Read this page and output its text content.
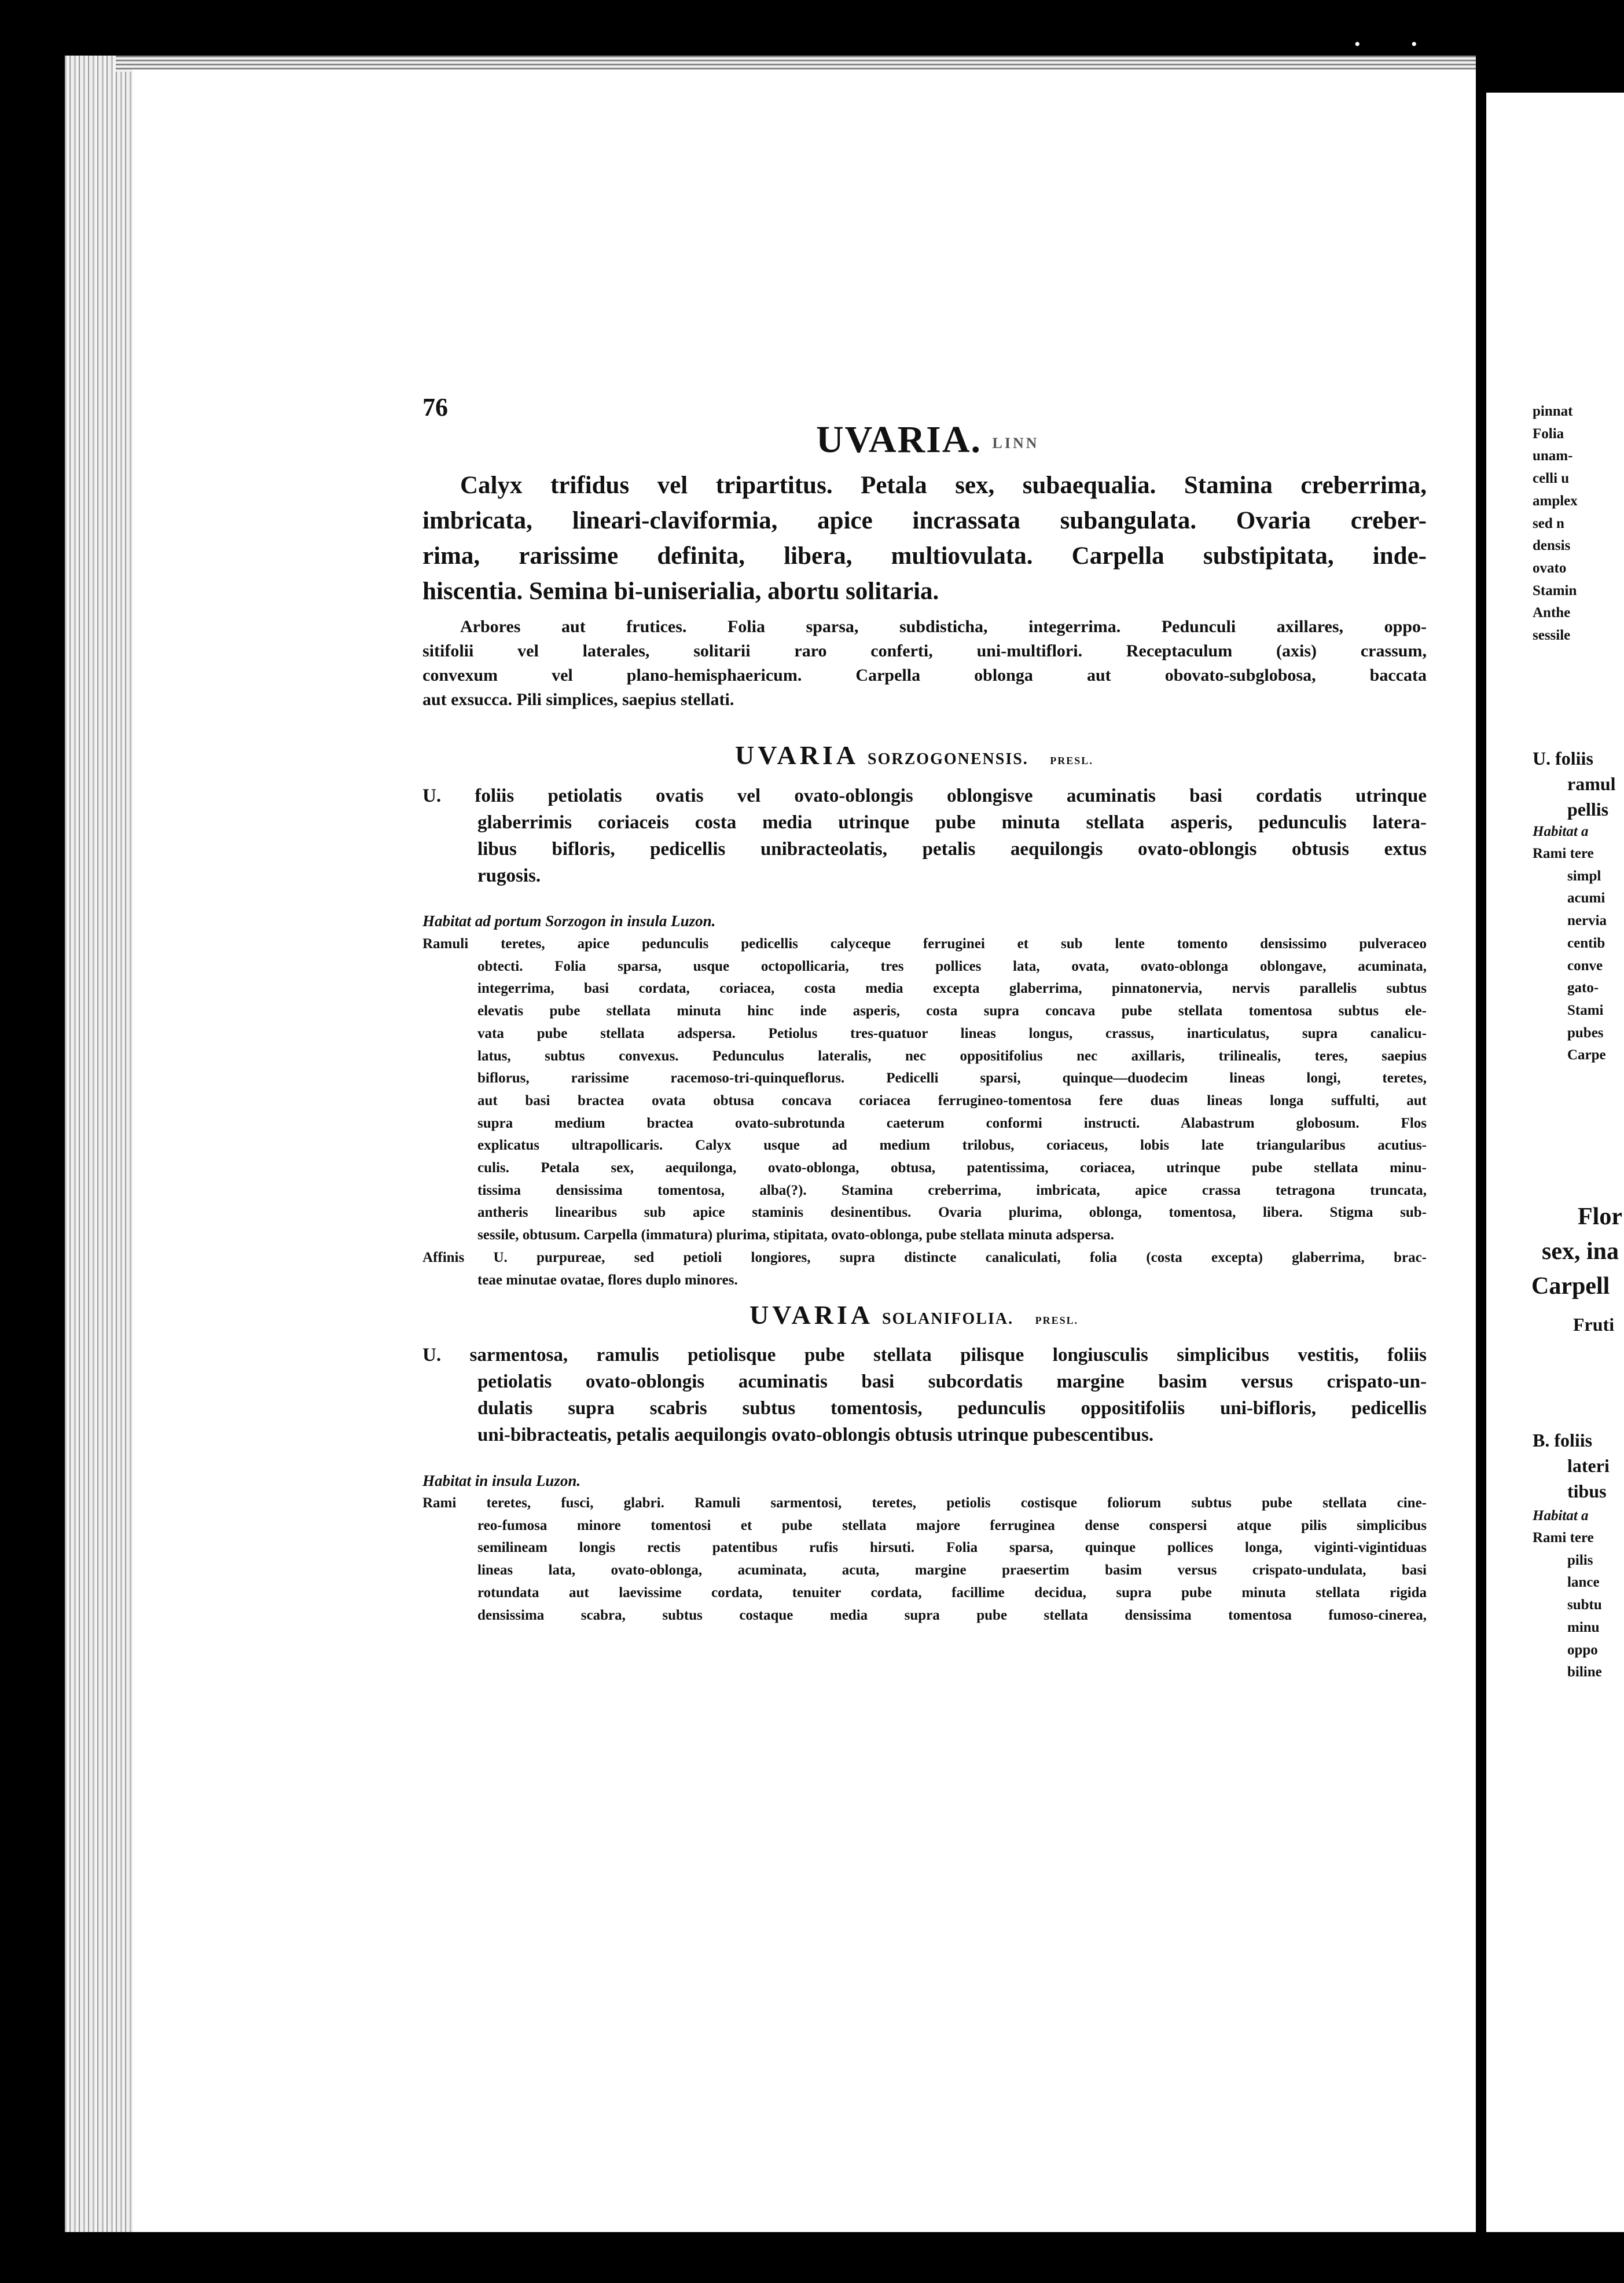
• •
76
UVARIA. LINN
Calyx trifidus vel tripartitus. Petala sex, subaequalia. Stamina creberrima,
imbricata, lineari-claviformia, apice incrassata subangulata. Ovaria creber-
rima, rarissime definita, libera, multiovulata. Carpella substipitata, inde-
hiscentia. Semina bi-uniserialia, abortu solitaria.
Arbores aut frutices. Folia sparsa, subdisticha, integerrima. Pedunculi axillares, oppo-
sitifolii vel laterales, solitarii raro conferti, uni-multiflori. Receptaculum (axis) crassum,
convexum vel plano-hemisphaericum. Carpella oblonga aut obovato-subglobosa, baccata
aut exsucca. Pili simplices, saepius stellati.
UVARIA SORZOGONENSIS. PRESL.
U. foliis petiolatis ovatis vel ovato-oblongis oblongisve acuminatis basi cordatis utrinque
glaberrimis coriaceis costa media utrinque pube minuta stellata asperis, pedunculis latera-
libus bifloris, pedicellis unibracteolatis, petalis aequilongis ovato-oblongis obtusis extus
rugosis.
Habitat ad portum Sorzogon in insula Luzon.
Ramuli teretes, apice pedunculis pedicellis calyceque ferruginei et sub lente tomento densissimo pulveraceo
obtecti. Folia sparsa, usque octopollicaria, tres pollices lata, ovata, ovato-oblonga oblongave, acuminata,
integerrima, basi cordata, coriacea, costa media excepta glaberrima, pinnatonervia, nervis parallelis subtus
elevatis pube stellata minuta hinc inde asperis, costa supra concava pube stellata tomentosa subtus ele-
vata pube stellata adspersa. Petiolus tres-quatuor lineas longus, crassus, inarticulatus, supra canalicu-
latus, subtus convexus. Pedunculus lateralis, nec oppositifolius nec axillaris, trilinealis, teres, saepius
biflorus, rarissime racemoso-tri-quinqueflorus. Pedicelli sparsi, quinque—duodecim lineas longi, teretes,
aut basi bractea ovata obtusa concava coriacea ferrugineo-tomentosa fere duas lineas longa suffulti, aut
supra medium bractea ovato-subrotunda caeterum conformi instructi. Alabastrum globosum. Flos
explicatus ultrapollicaris. Calyx usque ad medium trilobus, coriaceus, lobis late triangularibus acutius-
culis. Petala sex, aequilonga, ovato-oblonga, obtusa, patentissima, coriacea, utrinque pube stellata minu-
tissima densissima tomentosa, alba(?). Stamina creberrima, imbricata, apice crassa tetragona truncata,
antheris linearibus sub apice staminis desinentibus. Ovaria plurima, oblonga, tomentosa, libera. Stigma sub-
sessile, obtusum. Carpella (immatura) plurima, stipitata, ovato-oblonga, pube stellata minuta adspersa.
Affinis U. purpureae, sed petioli longiores, supra distincte canaliculati, folia (costa excepta) glaberrima, brac-
teae minutae ovatae, flores duplo minores.
UVARIA SOLANIFOLIA. PRESL.
U. sarmentosa, ramulis petiolisque pube stellata pilisque longiusculis simplicibus vestitis, foliis
petiolatis ovato-oblongis acuminatis basi subcordatis margine basim versus crispato-un-
dulatis supra scabris subtus tomentosis, pedunculis oppositifoliis uni-bifloris, pedicellis
uni-bibracteatis, petalis aequilongis ovato-oblongis obtusis utrinque pubescentibus.
Habitat in insula Luzon.
Rami teretes, fusci, glabri. Ramuli sarmentosi, teretes, petiolis costisque foliorum subtus pube stellata cine-
reo-fumosa minore tomentosi et pube stellata majore ferruginea dense conspersi atque pilis simplicibus
semilineam longis rectis patentibus rufis hirsuti. Folia sparsa, quinque pollices longa, viginti-vigintiduas
lineas lata, ovato-oblonga, acuminata, acuta, margine praesertim basim versus crispato-undulata, basi
rotundata aut laevissime cordata, tenuiter cordata, facillime decidua, supra pube minuta stellata rigida
densissima scabra, subtus costaque media supra pube stellata densissima tomentosa fumoso-cinerea,
pinnat
Folia
unam-
celli u
amplex
sed n
densis
ovato
Stamin
Anthe
sessile
U. foliis
ramul
pellis
Habitat a
Rami tere
simpl
acumi
nervia
centib
conve
gato-
Stami
pubes
Carpe
Flor
sex, ina
Carpell
Fruti
B. foliis
lateri
tibus
Habitat a
Rami tere
pilis
lance
subtu
minu
oppo
biline
